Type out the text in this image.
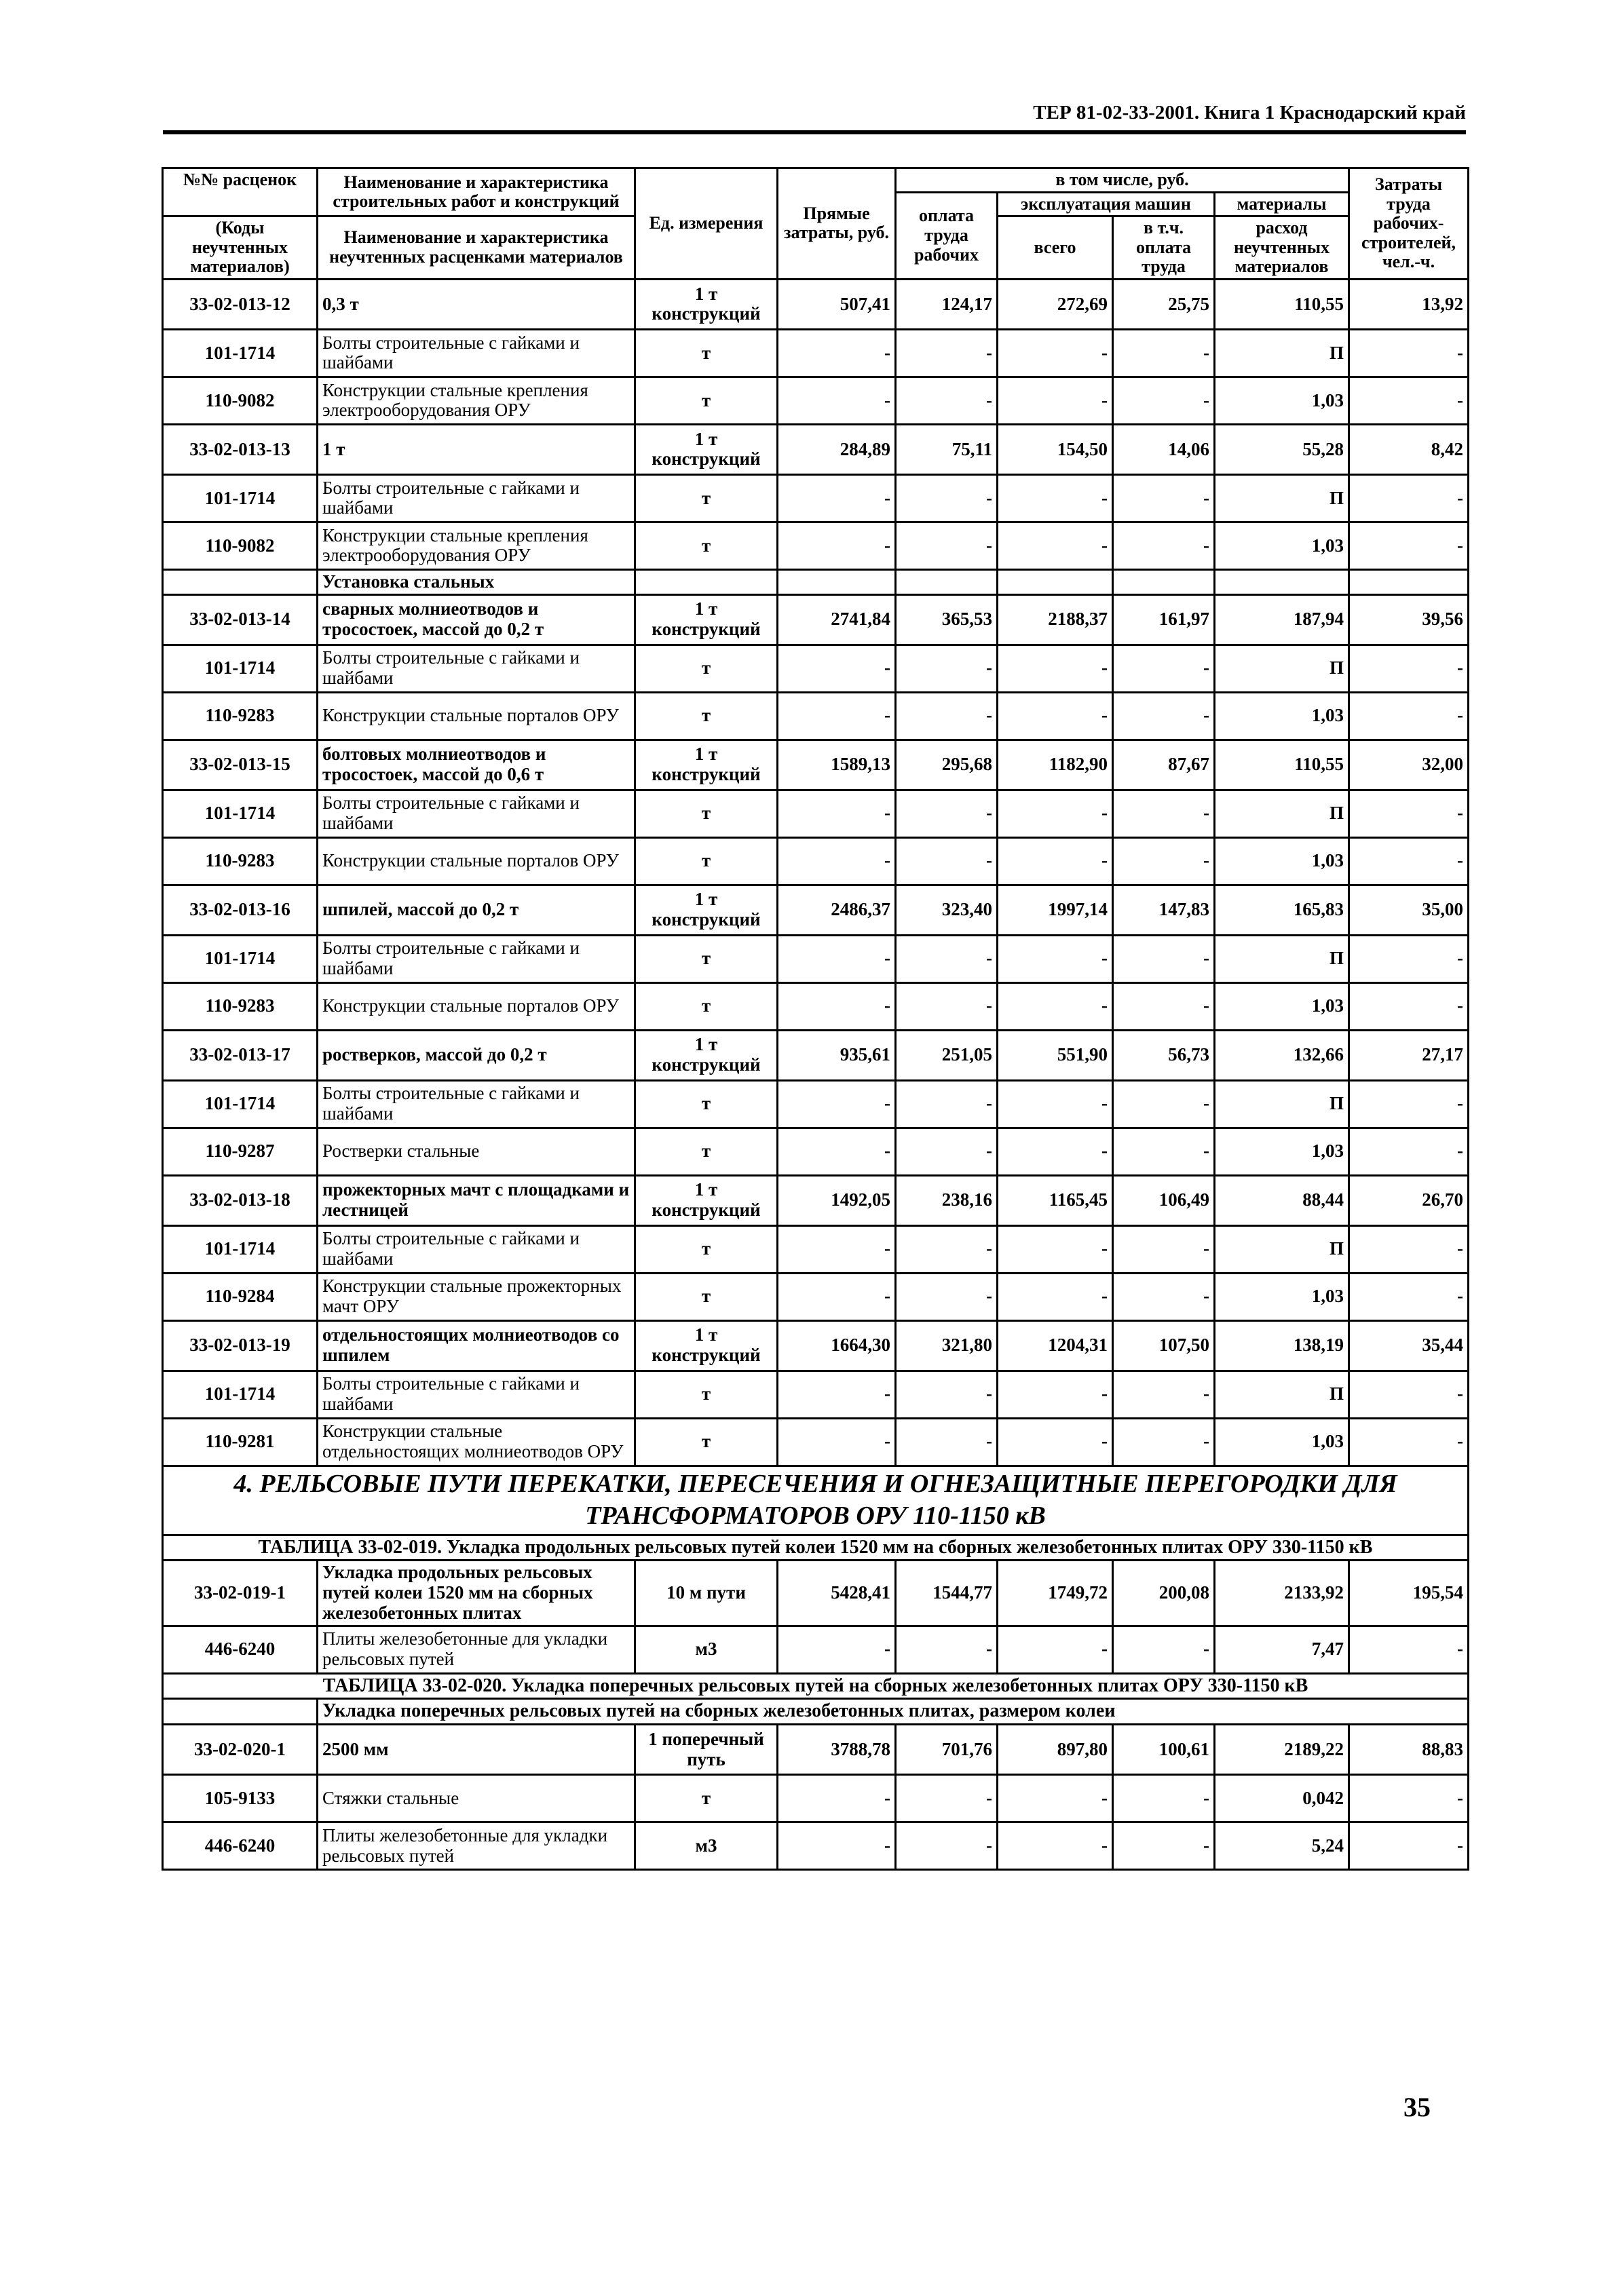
ТЕР 81-02-33-2001. Книга 1 Краснодарский край
№№ расценок	Наименование и характеристика строительных работ и конструкций	Ед. измерения	Прямые затраты, руб.	в том числе, руб.				Затраты труда рабочих-строителей, чел.-ч.
				оплата труда рабочих	эксплуатация машин		материалы	
(Коды неучтенных материалов)	Наименование и характеристика неучтенных расценками материалов				всего	в т.ч. оплата труда		
							расход неучтенных материалов	
33-02-013-12	0,3 т	1 т конструкций	507,41	124,17	272,69	25,75	110,55	13,92
101-1714	Болты строительные с гайками и шайбами	т	-	-	-	-	П	-
110-9082	Конструкции стальные крепления электрооборудования ОРУ	т	-	-	-	-	1,03	-
33-02-013-13	1 т	1 т конструкций	284,89	75,11	154,50	14,06	55,28	8,42
101-1714	Болты строительные с гайками и шайбами	т	-	-	-	-	П	-
110-9082	Конструкции стальные крепления электрооборудования ОРУ	т	-	-	-	-	1,03	-
	Установка стальных							
33-02-013-14	сварных молниеотводов и тросостоек, массой до 0,2 т	1 т конструкций	2741,84	365,53	2188,37	161,97	187,94	39,56
101-1714	Болты строительные с гайками и шайбами	т	-	-	-	-	П	-
110-9283	Конструкции стальные порталов ОРУ	т	-	-	-	-	1,03	-
33-02-013-15	болтовых молниеотводов и тросостоек, массой до 0,6 т	1 т конструкций	1589,13	295,68	1182,90	87,67	110,55	32,00
101-1714	Болты строительные с гайками и шайбами	т	-	-	-	-	П	-
110-9283	Конструкции стальные порталов ОРУ	т	-	-	-	-	1,03	-
33-02-013-16	шпилей, массой до 0,2 т	1 т конструкций	2486,37	323,40	1997,14	147,83	165,83	35,00
101-1714	Болты строительные с гайками и шайбами	т	-	-	-	-	П	-
110-9283	Конструкции стальные порталов ОРУ	т	-	-	-	-	1,03	-
33-02-013-17	ростверков, массой до 0,2 т	1 т конструкций	935,61	251,05	551,90	56,73	132,66	27,17
101-1714	Болты строительные с гайками и шайбами	т	-	-	-	-	П	-
110-9287	Ростверки стальные	т	-	-	-	-	1,03	-
33-02-013-18	прожекторных мачт с площадками и лестницей	1 т конструкций	1492,05	238,16	1165,45	106,49	88,44	26,70
101-1714	Болты строительные с гайками и шайбами	т	-	-	-	-	П	-
110-9284	Конструкции стальные прожекторных мачт ОРУ	т	-	-	-	-	1,03	-
33-02-013-19	отдельностоящих молниеотводов со шпилем	1 т конструкций	1664,30	321,80	1204,31	107,50	138,19	35,44
101-1714	Болты строительные с гайками и шайбами	т	-	-	-	-	П	-
110-9281	Конструкции стальные отдельностоящих молниеотводов ОРУ	т	-	-	-	-	1,03	-
4. РЕЛЬСОВЫЕ ПУТИ ПЕРЕКАТКИ, ПЕРЕСЕЧЕНИЯ И ОГНЕЗАЩИТНЫЕ ПЕРЕГОРОДКИ ДЛЯ ТРАНСФОРМАТОРОВ ОРУ 110-1150 кВ								
ТАБЛИЦА 33-02-019. Укладка продольных рельсовых путей колеи 1520 мм на сборных железобетонных плитах ОРУ 330-1150 кВ								
33-02-019-1	Укладка продольных рельсовых путей колеи 1520 мм на сборных железобетонных плитах	10 м пути	5428,41	1544,77	1749,72	200,08	2133,92	195,54
446-6240	Плиты железобетонные для укладки рельсовых путей	м3	-	-	-	-	7,47	-
ТАБЛИЦА 33-02-020. Укладка поперечных рельсовых путей на сборных железобетонных плитах ОРУ 330-1150 кВ								
	Укладка поперечных рельсовых путей на сборных железобетонных плитах, размером колеи							
33-02-020-1	2500 мм	1 поперечный путь	3788,78	701,76	897,80	100,61	2189,22	88,83
105-9133	Стяжки стальные	т	-	-	-	-	0,042	-
446-6240	Плиты железобетонные для укладки рельсовых путей	м3	-	-	-	-	5,24	-
35
